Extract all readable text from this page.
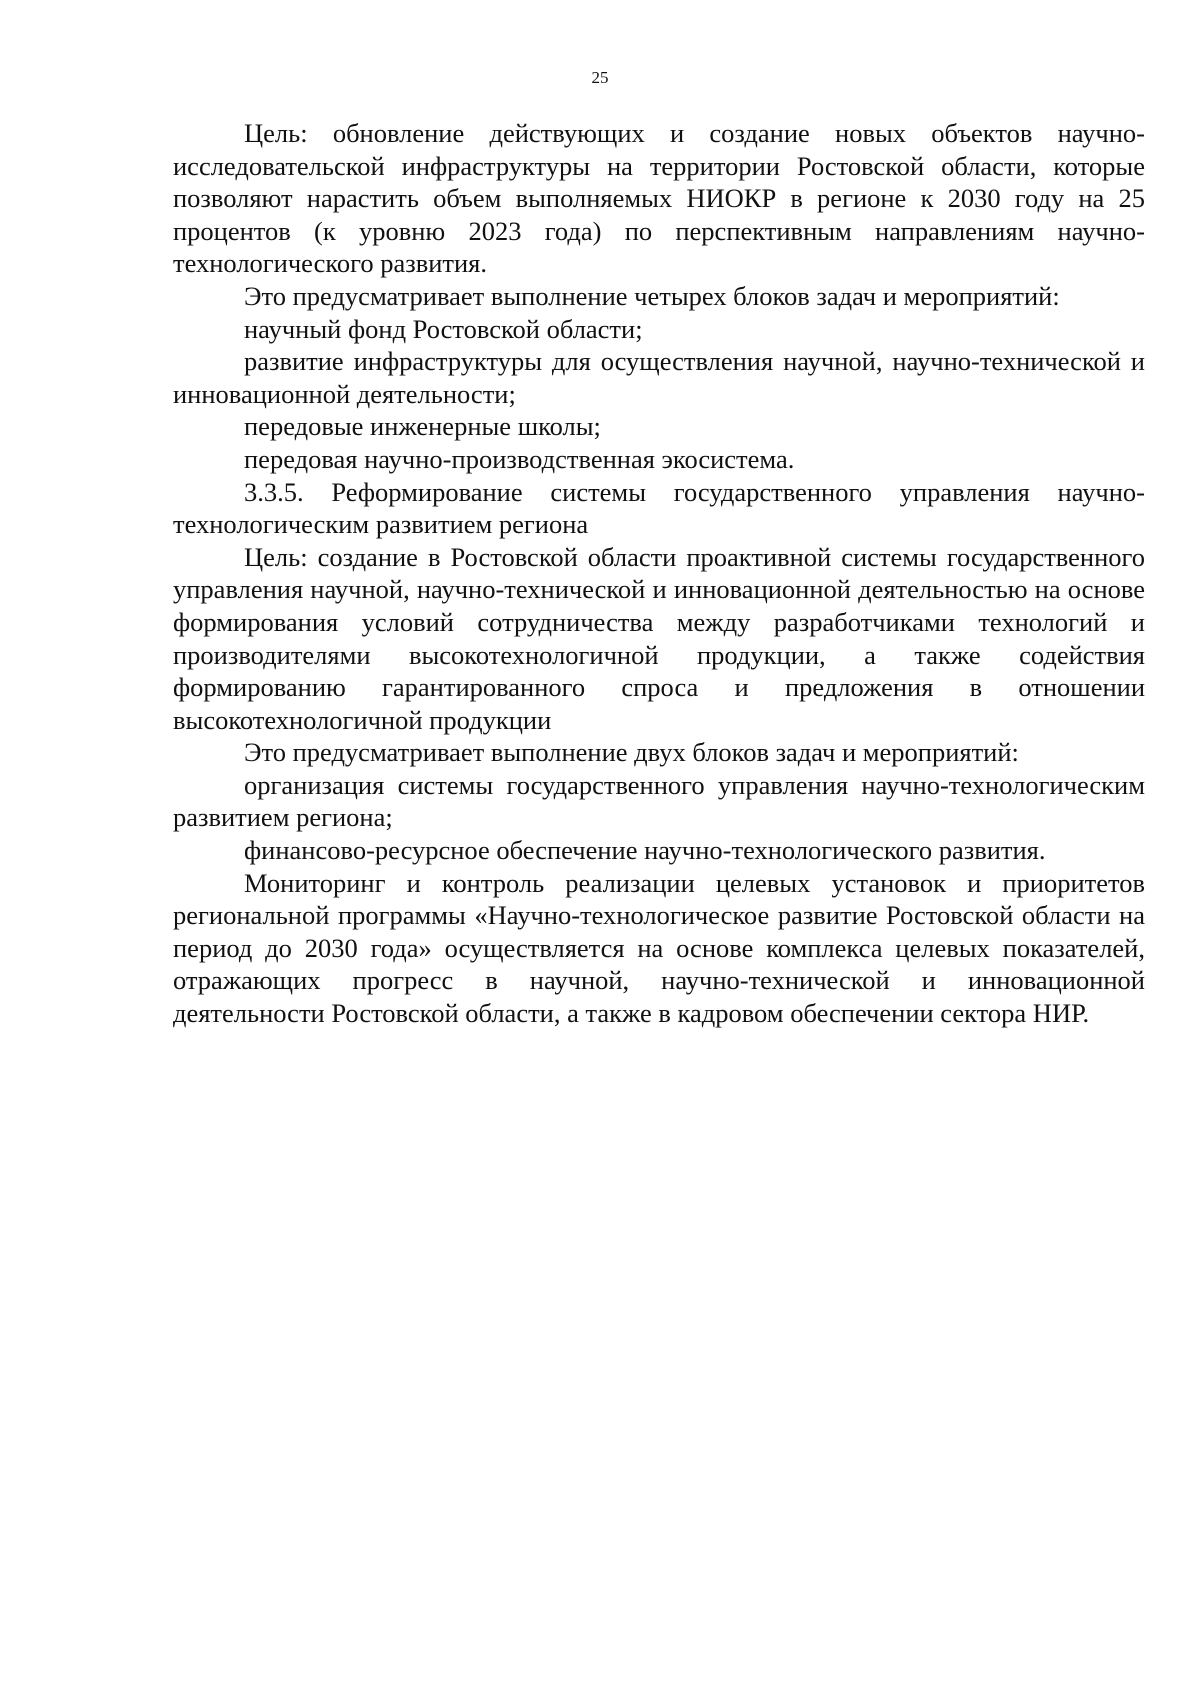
25

Цель: обновление действующих и создание новых объектов научно-исследовательской инфраструктуры на территории Ростовской области, которые позволяют нарастить объем выполняемых НИОКР в регионе к 2030 году на 25 процентов (к уровню 2023 года) по перспективным направлениям научно-технологического развития.

Это предусматривает выполнение четырех блоков задач и мероприятий:

научный фонд Ростовской области;

развитие инфраструктуры для осуществления научной, научно-технической и инновационной деятельности;

передовые инженерные школы;

передовая научно-производственная экосистема.

3.3.5. Реформирование системы государственного управления научно-технологическим развитием региона

Цель: создание в Ростовской области проактивной системы государственного управления научной, научно-технической и инновационной деятельностью на основе формирования условий сотрудничества между разработчиками технологий и производителями высокотехнологичной продукции, а также содействия формированию гарантированного спроса и предложения в отношении высокотехнологичной продукции

Это предусматривает выполнение двух блоков задач и мероприятий:

организация системы государственного управления научно-технологическим развитием региона;

финансово-ресурсное обеспечение научно-технологического развития.

Мониторинг и контроль реализации целевых установок и приоритетов региональной программы «Научно-технологическое развитие Ростовской области на период до 2030 года» осуществляется на основе комплекса целевых показателей, отражающих прогресс в научной, научно-технической и инновационной деятельности Ростовской области, а также в кадровом обеспечении сектора НИР.
